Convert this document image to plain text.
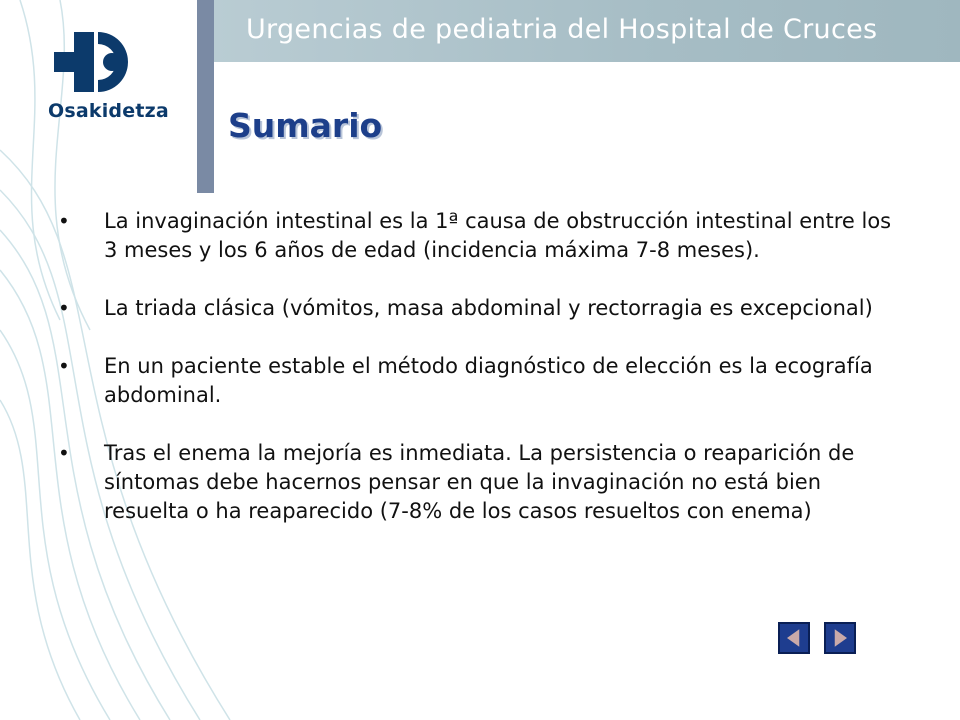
Osakidetza
Urgencias de pediatria del Hospital de Cruces
Sumario
• La invaginación intestinal es la 1ª causa de obstrucción intestinal entre los 3 meses y los 6 años de edad (incidencia máxima 7-8 meses).
• La triada clásica (vómitos, masa abdominal y rectorragia es excepcional)
• En un paciente estable el método diagnóstico de elección es la ecografía abdominal.
• Tras el enema la mejoría es inmediata. La persistencia o reaparición de síntomas debe hacernos pensar en que la invaginación no está bien resuelta o ha reaparecido (7-8% de los casos resueltos con enema)
